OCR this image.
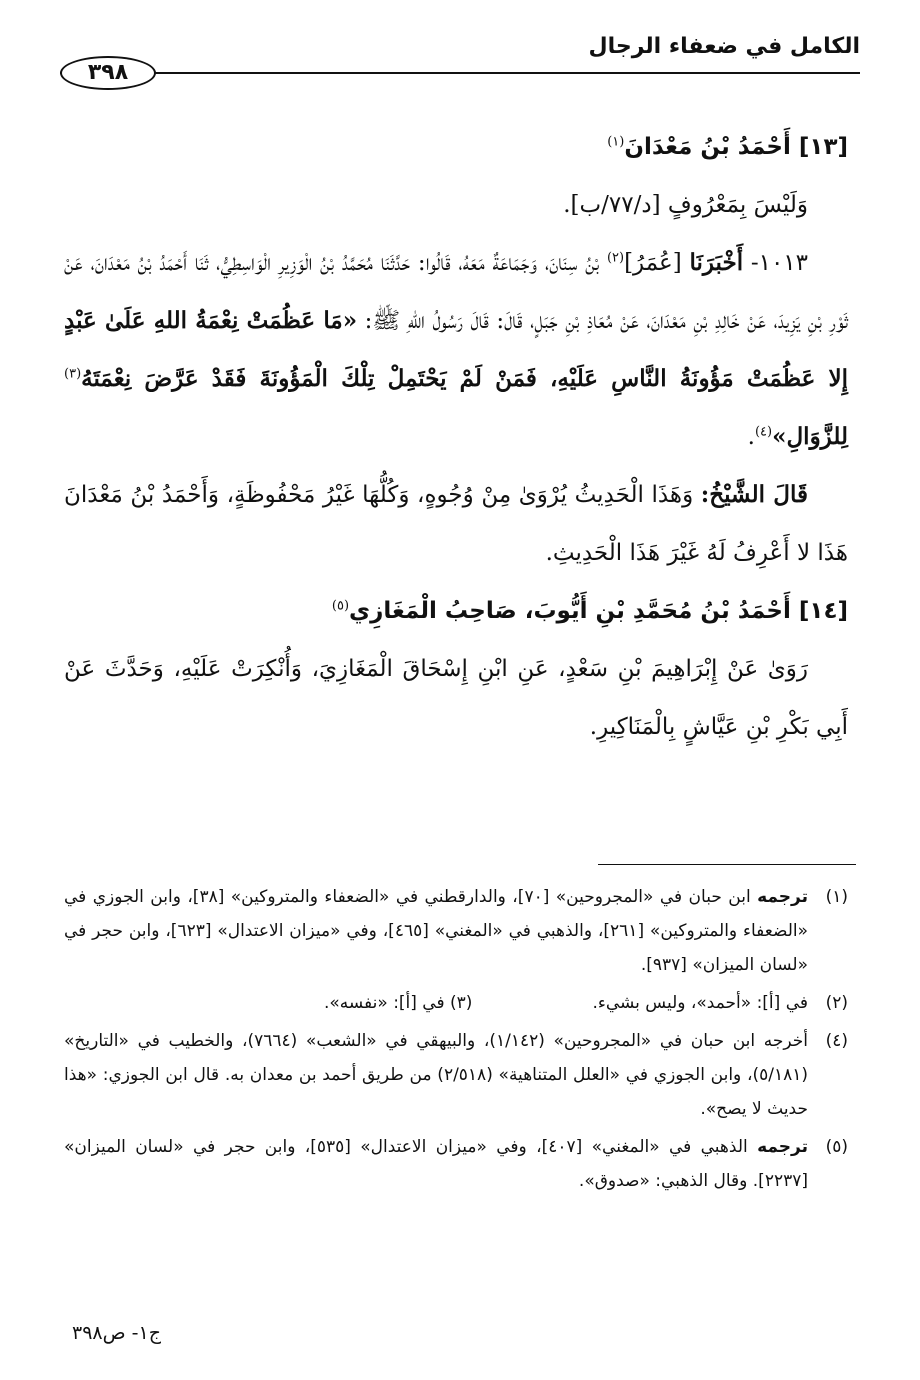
الكامل في ضعفاء الرجال
٣٩٨

[١٣] أَحْمَدُ بْنُ مَعْدَانَ$^{(١)}$

وَلَيْسَ بِمَعْرُوفٍ [د/٧٧/ب].

١٠١٣- أَخْبَرَنَا [عُمَرُ]$^{(٢)}$ بْنُ سِنَانَ، وَجَمَاعَةٌ مَعَهُ، قَالُوا: حَدَّثَنَا مُحَمَّدُ بْنُ الْوَزِيرِ الْوَاسِطِيُّ، ثَنَا أَحْمَدُ بْنُ مَعْدَانَ، عَنْ ثَوْرِ بْنِ يَزِيدَ، عَنْ خَالِدِ بْنِ مَعْدَانَ، عَنْ مُعَاذِ بْنِ جَبَلٍ، قَالَ: قَالَ رَسُولُ اللهِ ﷺ: «مَا عَظُمَتْ نِعْمَةُ اللهِ عَلَىٰ عَبْدٍ إِلا عَظُمَتْ مَؤُونَةُ النَّاسِ عَلَيْهِ، فَمَنْ لَمْ يَحْتَمِلْ تِلْكَ الْمَؤُونَةَ فَقَدْ عَرَّضَ نِعْمَتَهُ$^{(٣)}$ لِلزَّوَالِ»$^{(٤)}$.

قَالَ الشَّيْخُ: وَهَذَا الْحَدِيثُ يُرْوَىٰ مِنْ وُجُوهٍ، وَكُلُّهَا غَيْرُ مَحْفُوظَةٍ، وَأَحْمَدُ بْنُ مَعْدَانَ هَذَا لا أَعْرِفُ لَهُ غَيْرَ هَذَا الْحَدِيثِ.

[١٤] أَحْمَدُ بْنُ مُحَمَّدِ بْنِ أَيُّوبَ، صَاحِبُ الْمَغَازِي$^{(٥)}$

رَوَىٰ عَنْ إِبْرَاهِيمَ بْنِ سَعْدٍ، عَنِ ابْنِ إِسْحَاقَ الْمَغَازِيَ، وَأُنْكِرَتْ عَلَيْهِ، وَحَدَّثَ عَنْ أَبِي بَكْرِ بْنِ عَيَّاشٍ بِالْمَنَاكِيرِ.

(١)
ترجمه ابن حبان في «المجروحين» [٧٠]، والدارقطني في «الضعفاء والمتروكين» [٣٨]، وابن الجوزي في «الضعفاء والمتروكين» [٢٦١]، والذهبي في «المغني» [٤٦٥]، وفي «ميزان الاعتدال» [٦٢٣]، وابن حجر في «لسان الميزان» [٩٣٧].

(٢)
في [أ]: «أحمد»، وليس بشيء.
(٣) في [أ]: «نفسه».

(٤)
أخرجه ابن حبان في «المجروحين» (١/١٤٢)، والبيهقي في «الشعب» (٧٦٦٤)، والخطيب في «التاريخ» (٥/١٨١)، وابن الجوزي في «العلل المتناهية» (٢/٥١٨) من طريق أحمد بن معدان به. قال ابن الجوزي: «هذا حديث لا يصح».

(٥)
ترجمه الذهبي في «المغني» [٤٠٧]، وفي «ميزان الاعتدال» [٥٣٥]، وابن حجر في «لسان الميزان» [٢٢٣٧]. وقال الذهبي: «صدوق».

ج١- ص٣٩٨
